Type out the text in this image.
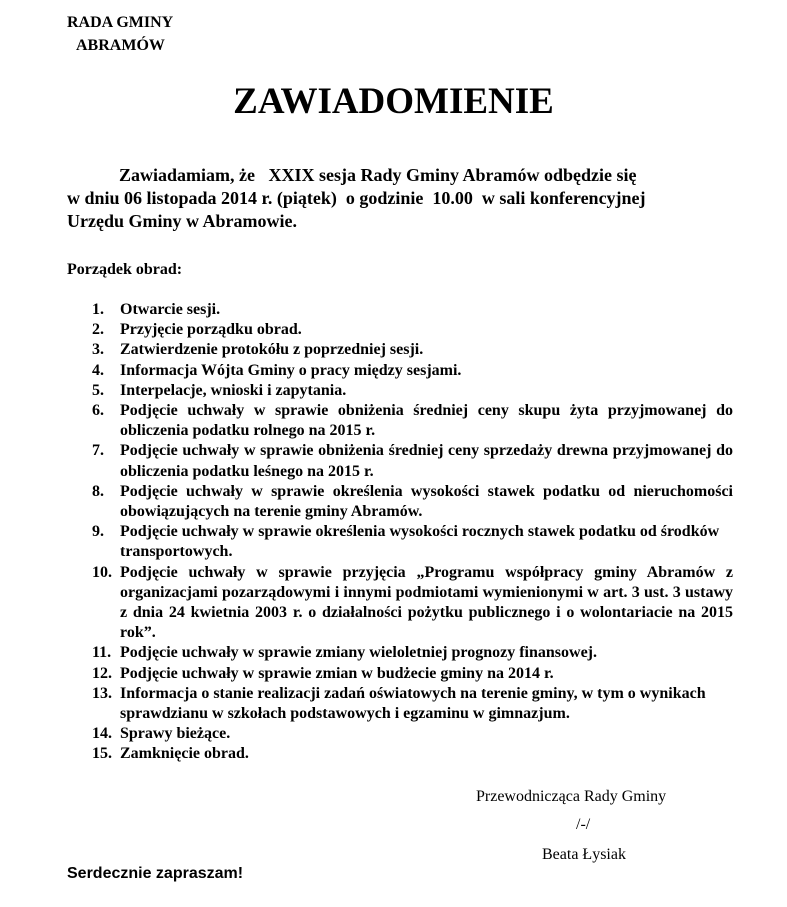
RADA GMINY
ABRAMÓW
ZAWIADOMIENIE
Zawiadamiam, że   XXIX sesja Rady Gminy Abramów odbędzie się
w dniu 06 listopada 2014 r. (piątek)  o godzinie  10.00  w sali konferencyjnej
Urzędu Gminy w Abramowie.
Porządek obrad:
1.	Otwarcie sesji.
2.	Przyjęcie porządku obrad.
3.	Zatwierdzenie protokółu z poprzedniej sesji.
4.	Informacja Wójta Gminy o pracy między sesjami.
5.	Interpelacje, wnioski i zapytania.
6.	Podjęcie uchwały w sprawie obniżenia średniej ceny skupu żyta przyjmowanej do obliczenia podatku rolnego na 2015 r.
7.	Podjęcie uchwały w sprawie obniżenia średniej ceny sprzedaży drewna przyjmowanej do obliczenia podatku leśnego na 2015 r.
8.	Podjęcie uchwały w sprawie określenia wysokości stawek podatku od nieruchomości obowiązujących na terenie gminy Abramów.
9.	Podjęcie uchwały w sprawie określenia wysokości rocznych stawek podatku od środków transportowych.
10. Podjęcie uchwały w sprawie przyjęcia „Programu współpracy gminy Abramów z organizacjami pozarządowymi i innymi podmiotami wymienionymi w art. 3 ust. 3 ustawy z dnia 24 kwietnia 2003 r. o działalności pożytku publicznego i o wolontariacie na 2015 rok”.
11. Podjęcie uchwały w sprawie zmiany wieloletniej prognozy finansowej.
12. Podjęcie uchwały w sprawie zmian w budżecie gminy na 2014 r.
13. Informacja o stanie realizacji zadań oświatowych na terenie gminy, w tym o wynikach sprawdzianu w szkołach podstawowych i egzaminu w gimnazjum.
14. Sprawy bieżące.
15. Zamknięcie obrad.
Przewodnicząca Rady Gminy
/-/
Beata Łysiak
Serdecznie zapraszam!
